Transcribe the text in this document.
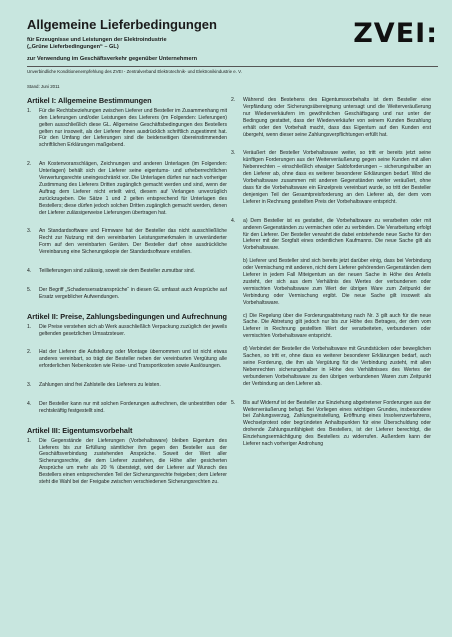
ZVEI:
Allgemeine Lieferbedingungen

für Erzeugnisse und Leistungen der Elektroindustrie

(„Grüne Lieferbedingungen“ – GL)

zur Verwendung im Geschäftsverkehr gegenüber Unternehmern

Unverbindliche Konditionenempfehlung des ZVEI - Zentralverband Elektrotechnik- und Elektronikindustrie e. V.

Stand: Juni 2011

Artikel I: Allgemeine Bestimmungen
1.	Für die Rechtsbeziehungen zwischen Lieferer und Besteller im Zusammenhang mit den Lieferungen und/oder Leistungen des Lieferers (im Folgenden: Lieferungen) gelten ausschließlich diese GL. Allgemeine Geschäftsbedingungen des Bestellers gelten nur insoweit, als der Lieferer ihnen ausdrücklich schriftlich zugestimmt hat. Für den Umfang der Lieferungen sind die beiderseitigen übereinstimmenden schriftlichen Erklärungen maßgebend.
2.	An Kostenvoranschlägen, Zeichnungen und anderen Unterlagen (im Folgenden: Unterlagen) behält sich der Lieferer seine eigentums- und urheberrechtlichen Verwertungsrechte uneingeschränkt vor. Die Unterlagen dürfen nur nach vorheriger Zustimmung des Lieferers Dritten zugänglich gemacht werden und sind, wenn der Auftrag dem Lieferer nicht erteilt wird, diesem auf Verlangen unverzüglich zurückzugeben. Die Sätze 1 und 2 gelten entsprechend für Unterlagen des Bestellers; diese dürfen jedoch solchen Dritten zugänglich gemacht werden, denen der Lieferer zulässigerweise Lieferungen übertragen hat.
3.	An Standardsoftware und Firmware hat der Besteller das nicht ausschließliche Recht zur Nutzung mit den vereinbarten Leistungsmerkmalen in unveränderter Form auf den vereinbarten Geräten. Der Besteller darf ohne ausdrückliche Vereinbarung eine Sicherungskopie der Standardsoftware erstellen.
4.	Teillieferungen sind zulässig, soweit sie dem Besteller zumutbar sind.
5.	Der Begriff „Schadensersatzansprüche“ in diesen GL umfasst auch Ansprüche auf Ersatz vergeblicher Aufwendungen.
Artikel II: Preise, Zahlungsbedingungen und Aufrechnung
1.	Die Preise verstehen sich ab Werk ausschließlich Verpackung zuzüglich der jeweils geltenden gesetzlichen Umsatzsteuer.
2.	Hat der Lieferer die Aufstellung oder Montage übernommen und ist nicht etwas anderes vereinbart, so trägt der Besteller neben der vereinbarten Vergütung alle erforderlichen Nebenkosten wie Reise- und Transportkosten sowie Auslösungen.
3.	Zahlungen sind frei Zahlstelle des Lieferers zu leisten.
4.	Der Besteller kann nur mit solchen Forderungen aufrechnen, die unbestritten oder rechtskräftig festgestellt sind.
Artikel III: Eigentumsvorbehalt
1.	Die Gegenstände der Lieferungen (Vorbehaltsware) bleiben Eigentum des Lieferers bis zur Erfüllung sämtlicher ihm gegen den Besteller aus der Geschäftsverbindung zustehenden Ansprüche. Soweit der Wert aller Sicherungsrechte, die dem Lieferer zustehen, die Höhe aller gesicherten Ansprüche um mehr als 20 % übersteigt, wird der Lieferer auf Wunsch des Bestellers einen entsprechenden Teil der Sicherungsrechte freigeben; dem Lieferer steht die Wahl bei der Freigabe zwischen verschiedenen Sicherungsrechten zu.
2.	Während des Bestehens des Eigentumsvorbehalts ist dem Besteller eine Verpfändung oder Sicherungsübereignung untersagt und die Weiterveräußerung nur Wiederverkäufern im gewöhnlichen Geschäftsgang und nur unter der Bedingung gestattet, dass der Wiederverkäufer von seinem Kunden Bezahlung erhält oder den Vorbehalt macht, dass das Eigentum auf den Kunden erst übergeht, wenn dieser seine Zahlungsverpflichtungen erfüllt hat.
3.	Veräußert der Besteller Vorbehaltsware weiter, so tritt er bereits jetzt seine künftigen Forderungen aus der Weiterveräußerung gegen seine Kunden mit allen Nebenrechten – einschließlich etwaiger Saldoforderungen – sicherungshalber an den Lieferer ab, ohne dass es weiterer besonderer Erklärungen bedarf. Wird die Vorbehaltsware zusammen mit anderen Gegenständen weiter veräußert, ohne dass für die Vorbehaltsware ein Einzelpreis vereinbart wurde, so tritt der Besteller denjenigen Teil der Gesamtpreisforderung an den Lieferer ab, der dem vom Lieferer in Rechnung gestellten Preis der Vorbehaltsware entspricht.
4.	a) Dem Besteller ist es gestattet, die Vorbehaltsware zu verarbeiten oder mit anderen Gegenständen zu vermischen oder zu verbinden. Die Verarbeitung erfolgt für den Lieferer. Der Besteller verwahrt die dabei entstehende neue Sache für den Lieferer mit der Sorgfalt eines ordentlichen Kaufmanns. Die neue Sache gilt als Vorbehaltsware.
b) Lieferer und Besteller sind sich bereits jetzt darüber einig, dass bei Verbindung oder Vermischung mit anderen, nicht dem Lieferer gehörenden Gegenständen dem Lieferer in jedem Fall Miteigentum an der neuen Sache in Höhe des Anteils zusteht, der sich aus dem Verhältnis des Wertes der verbundenen oder vermischten Vorbehaltsware zum Wert der übrigen Ware zum Zeitpunkt der Verbindung oder Vermischung ergibt. Die neue Sache gilt insoweit als Vorbehaltsware.
c) Die Regelung über die Forderungsabtretung nach Nr. 3 gilt auch für die neue Sache. Die Abtretung gilt jedoch nur bis zur Höhe des Betrages, der dem vom Lieferer in Rechnung gestellten Wert der verarbeiteten, verbundenen oder vermischten Vorbehaltsware entspricht.
d) Verbindet der Besteller die Vorbehaltsware mit Grundstücken oder beweglichen Sachen, so tritt er, ohne dass es weiterer besonderer Erklärungen bedarf, auch seine Forderung, die ihm als Vergütung für die Verbindung zusteht, mit allen Nebenrechten sicherungshalber in Höhe des Verhältnisses des Wertes der verbundenen Vorbehaltsware zu den übrigen verbundenen Waren zum Zeitpunkt der Verbindung an den Lieferer ab.
5.	Bis auf Widerruf ist der Besteller zur Einziehung abgetretener Forderungen aus der Weiterveräußerung befugt. Bei Vorliegen eines wichtigen Grundes, insbesondere bei Zahlungsverzug, Zahlungseinstellung, Eröffnung eines Insolvenzverfahrens, Wechselprotest oder begründeten Anhaltspunkten für eine Überschuldung oder drohende Zahlungsunfähigkeit des Bestellers, ist der Lieferer berechtigt, die Einziehungsermächtigung des Bestellers zu widerrufen. Außerdem kann der Lieferer nach vorheriger Androhung
